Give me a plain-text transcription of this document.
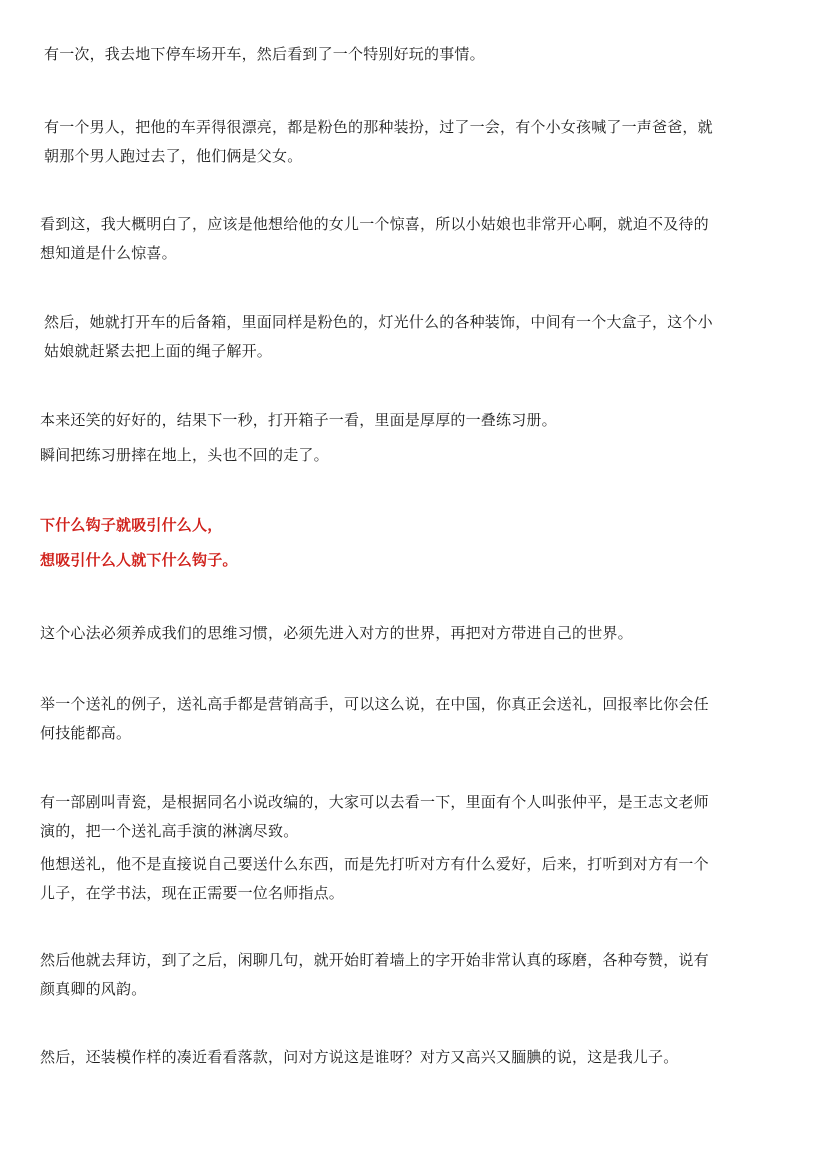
有一次，我去地下停车场开车，然后看到了一个特别好玩的事情。

有一个男人，把他的车弄得很漂亮，都是粉色的那种装扮，过了一会，有个小女孩喊了一声爸爸，就
朝那个男人跑过去了，他们俩是父女。

看到这，我大概明白了，应该是他想给他的女儿一个惊喜，所以小姑娘也非常开心啊，就迫不及待的
想知道是什么惊喜。

然后，她就打开车的后备箱，里面同样是粉色的，灯光什么的各种装饰，中间有一个大盒子，这个小
姑娘就赶紧去把上面的绳子解开。

本来还笑的好好的，结果下一秒，打开箱子一看，里面是厚厚的一叠练习册。

瞬间把练习册摔在地上，头也不回的走了。

下什么钩子就吸引什么人，

想吸引什么人就下什么钩子。

这个心法必须养成我们的思维习惯，必须先进入对方的世界，再把对方带进自己的世界。

举一个送礼的例子，送礼高手都是营销高手，可以这么说，在中国，你真正会送礼，回报率比你会任
何技能都高。

有一部剧叫青瓷，是根据同名小说改编的，大家可以去看一下，里面有个人叫张仲平，是王志文老师
演的，把一个送礼高手演的淋漓尽致。

他想送礼，他不是直接说自己要送什么东西，而是先打听对方有什么爱好，后来，打听到对方有一个
儿子，在学书法，现在正需要一位名师指点。

然后他就去拜访，到了之后，闲聊几句，就开始盯着墙上的字开始非常认真的琢磨，各种夸赞，说有
颜真卿的风韵。

然后，还装模作样的凑近看看落款，问对方说这是谁呀？对方又高兴又腼腆的说，这是我儿子。
